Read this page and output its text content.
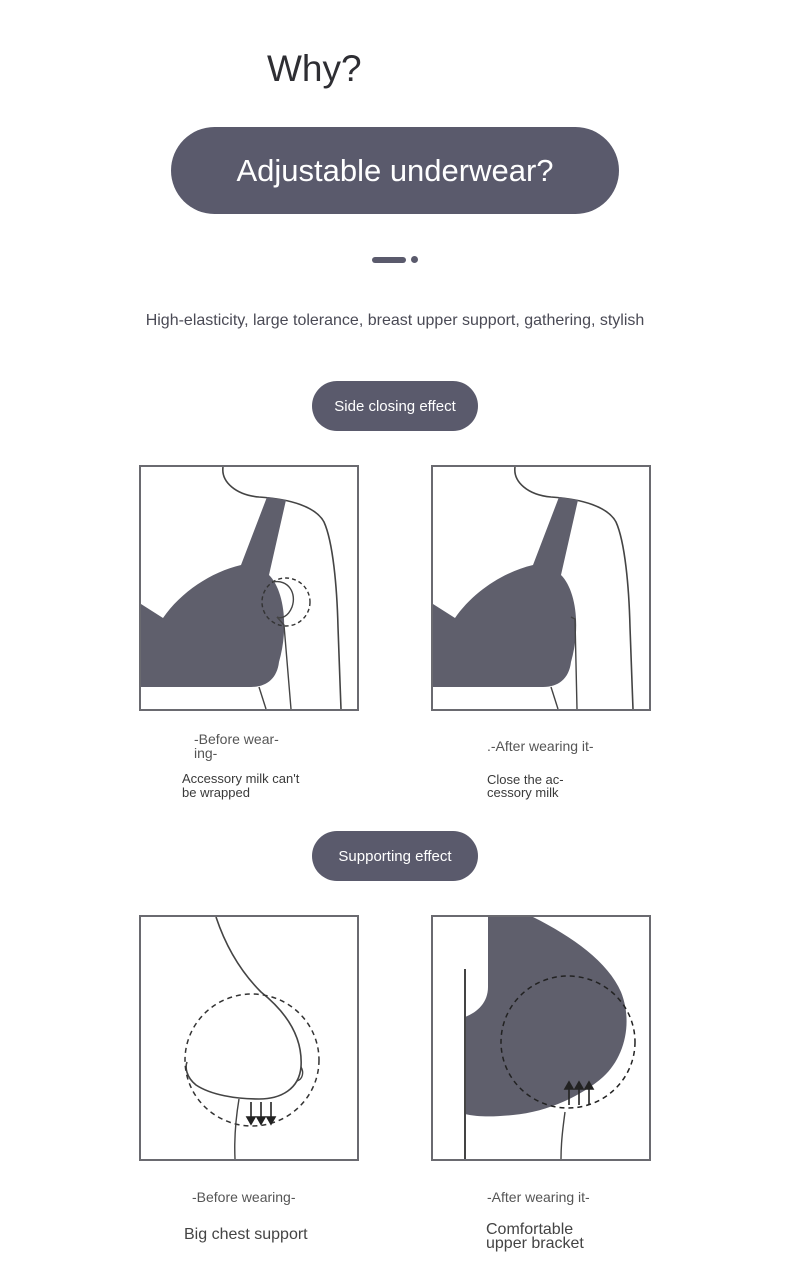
Why?
Adjustable underwear?
High-elasticity, large tolerance, breast upper support, gathering, stylish
Side closing effect
-Before wear-
ing-
Accessory milk can't
be wrapped
.-After wearing it-
Close the ac-
cessory milk
Supporting effect
-Before wearing-
Big chest support
-After wearing it-
Comfortable
upper bracket
